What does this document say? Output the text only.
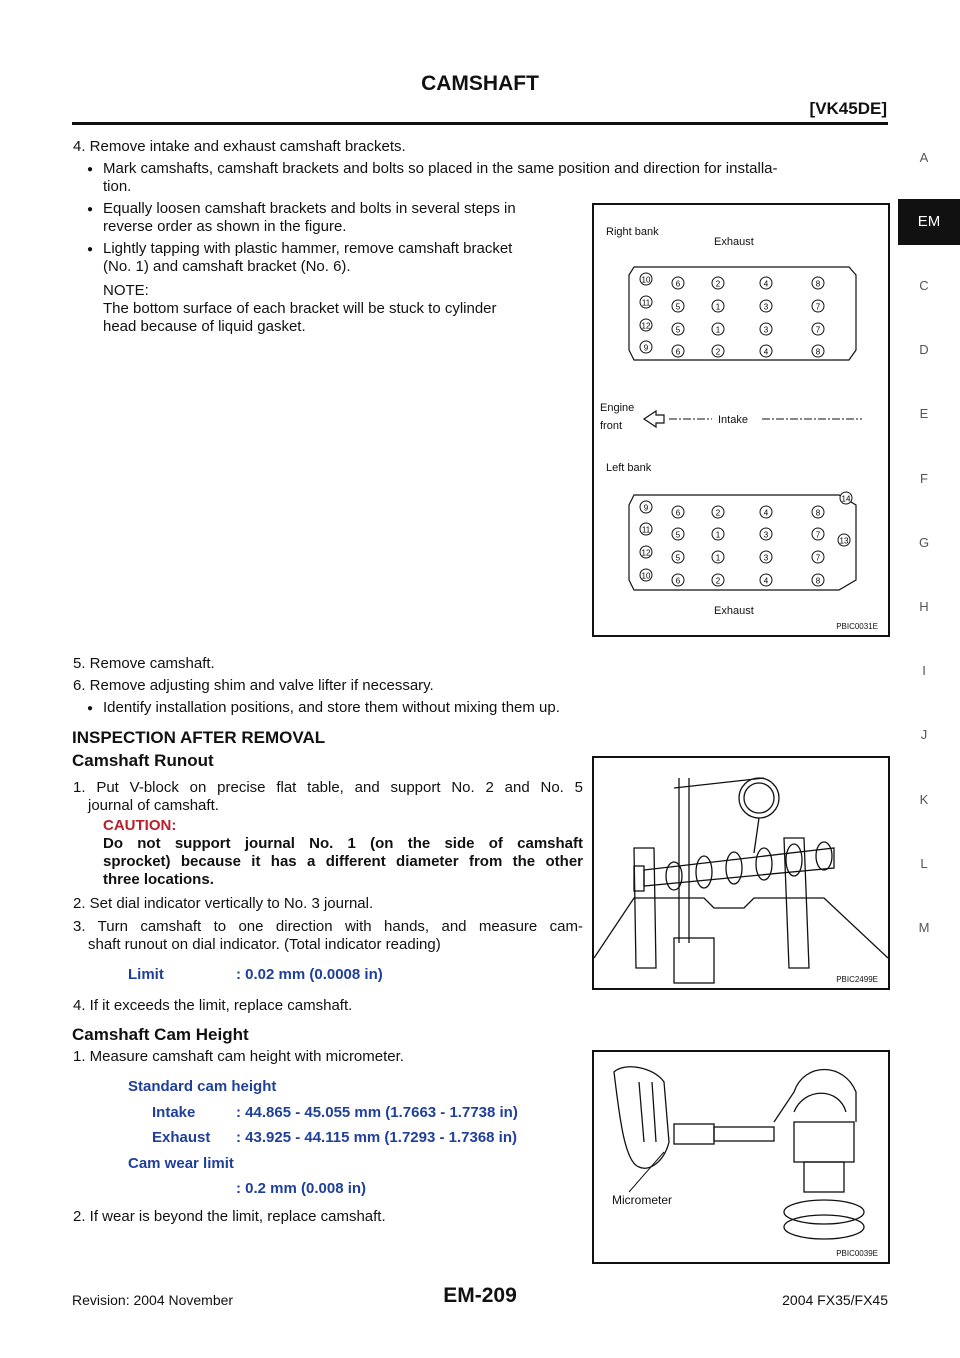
CAMSHAFT
[VK45DE]
A
EM
C
D
E
F
G
H
I
J
K
L
M
4. Remove intake and exhaust camshaft brackets.
● Mark camshafts, camshaft brackets and bolts so placed in the same position and direction for installa-
tion.
● Equally loosen camshaft brackets and bolts in several steps in
reverse order as shown in the figure.
● Lightly tapping with plastic hammer, remove camshaft bracket
(No. 1) and camshaft bracket (No. 6).
NOTE:
The bottom surface of each bracket will be stuck to cylinder
head because of liquid gasket.
Right bank
Exhaust
Engine
front	Intake
Left bank
Exhaust
6
5
5
6
2
1
1
2
4
3
3
4
8
7
7
8
10
11
12
9
6
5
5
6
2
1
1
2
4
3
3
4
8
7
7
8
9
11
12
10
14
13
PBIC0031E
5. Remove camshaft.
6. Remove adjusting shim and valve lifter if necessary.
● Identify installation positions, and store them without mixing them up.
INSPECTION AFTER REMOVAL
Camshaft Runout
1. Put V-block on precise flat table, and support No. 2 and No. 5
journal of camshaft.
CAUTION:
Do not support journal No. 1 (on the side of camshaft
sprocket) because it has a different diameter from the other
three locations.
2. Set dial indicator vertically to No. 3 journal.
3. Turn camshaft to one direction with hands, and measure cam-
shaft runout on dial indicator. (Total indicator reading)
Limit	: 0.02 mm (0.0008 in)
4. If it exceeds the limit, replace camshaft.
PBIC2499E
Camshaft Cam Height
1. Measure camshaft cam height with micrometer.
Standard cam height
Intake	: 44.865 - 45.055 mm (1.7663 - 1.7738 in)
Exhaust : 43.925 - 44.115 mm (1.7293 - 1.7368 in)
Cam wear limit
: 0.2 mm (0.008 in)
2. If wear is beyond the limit, replace camshaft.
Micrometer
PBIC0039E
Revision: 2004 November	EM-209	2004 FX35/FX45
